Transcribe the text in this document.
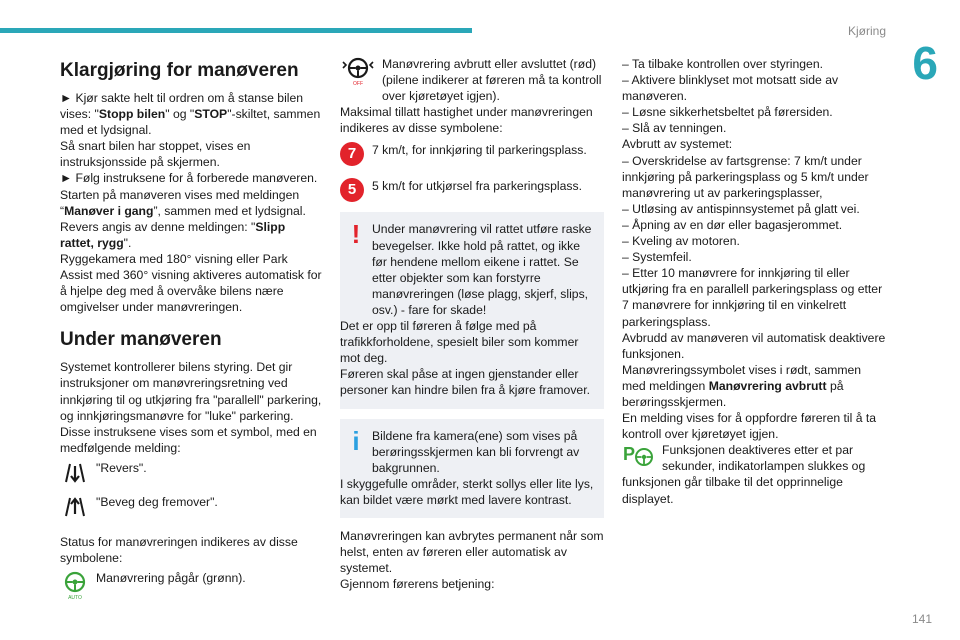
Kjøring
6
141
Klargjøring for manøveren

► Kjør sakte helt til ordren om å stanse bilen vises: "Stopp bilen" og "STOP"-skiltet, sammen med et lydsignal.

Så snart bilen har stoppet, vises en instruksjonsside på skjermen.

► Følg instruksene for å forberede manøveren.

Starten på manøveren vises med meldingen “Manøver i gang”, sammen med et lydsignal.

Revers angis av denne meldingen: "Slipp rattet, rygg".

Ryggekamera med 180° visning eller Park Assist med 360° visning aktiveres automatisk for å hjelpe deg med å overvåke bilens nære omgivelser under manøvreringen.

Under manøveren

Systemet kontrollerer bilens styring. Det gir instruksjoner om manøvreringsretning ved innkjøring til og utkjøring fra "parallell" parkering, og innkjøringsmanøvre for "luke" parkering.

Disse instruksene vises som et symbol, med en medfølgende melding:

"Revers".
"Beveg deg fremover".

Status for manøvreringen indikeres av disse symbolene:

AUTO
Manøvrering pågår (grønn).

OFF
Manøvrering avbrutt eller avsluttet (rød) (pilene indikerer at føreren må ta kontroll over kjøretøyet igjen).

Maksimal tillatt hastighet under manøvreringen indikeres av disse symbolene:

7	7 km/t, for innkjøring til parkeringsplass.
5	5 km/t for utkjørsel fra parkeringsplass.
! Under manøvrering vil rattet utføre raske bevegelser. Ikke hold på rattet, og ikke før hendene mellom eikene i rattet. Se etter objekter som kan forstyrre manøvreringen (løse plagg, skjerf, slips, osv.) - fare for skade!

Det er opp til føreren å følge med på trafikkforholdene, spesielt biler som kommer mot deg.

Føreren skal påse at ingen gjenstander eller personer kan hindre bilen fra å kjøre framover.

i	Bildene fra kamera(ene) som vises på berøringsskjermen kan bli forvrengt av bakgrunnen.

I skyggefulle områder, sterkt sollys eller lite lys, kan bildet være mørkt med lavere kontrast.

Manøvreringen kan avbrytes permanent når som helst, enten av føreren eller automatisk av systemet.

Gjennom førerens betjening:

– Ta tilbake kontrollen over styringen.

– Aktivere blinklyset mot motsatt side av manøveren.

– Løsne sikkerhetsbeltet på førersiden.

– Slå av tenningen.

Avbrutt av systemet:

– Overskridelse av fartsgrense: 7 km/t under innkjøring på parkeringsplass og 5 km/t under manøvrering ut av parkeringsplasser,

– Utløsing av antispinnsystemet på glatt vei.

– Åpning av en dør eller bagasjerommet.

– Kveling av motoren.

– Systemfeil.

– Etter 10 manøvrere for innkjøring til eller utkjøring fra en parallell parkeringsplass og etter 7 manøvrere for innkjøring til en vinkelrett parkeringsplass.

Avbrudd av manøveren vil automatisk deaktivere funksjonen.

Manøvreringssymbolet vises i rødt, sammen med meldingen Manøvrering avbrutt på berøringsskjermen.

En melding vises for å oppfordre føreren til å ta kontroll over kjøretøyet igjen.

P Funksjonen deaktiveres etter et par sekunder, indikatorlampen slukkes og funksjonen går tilbake til det opprinnelige displayet.
